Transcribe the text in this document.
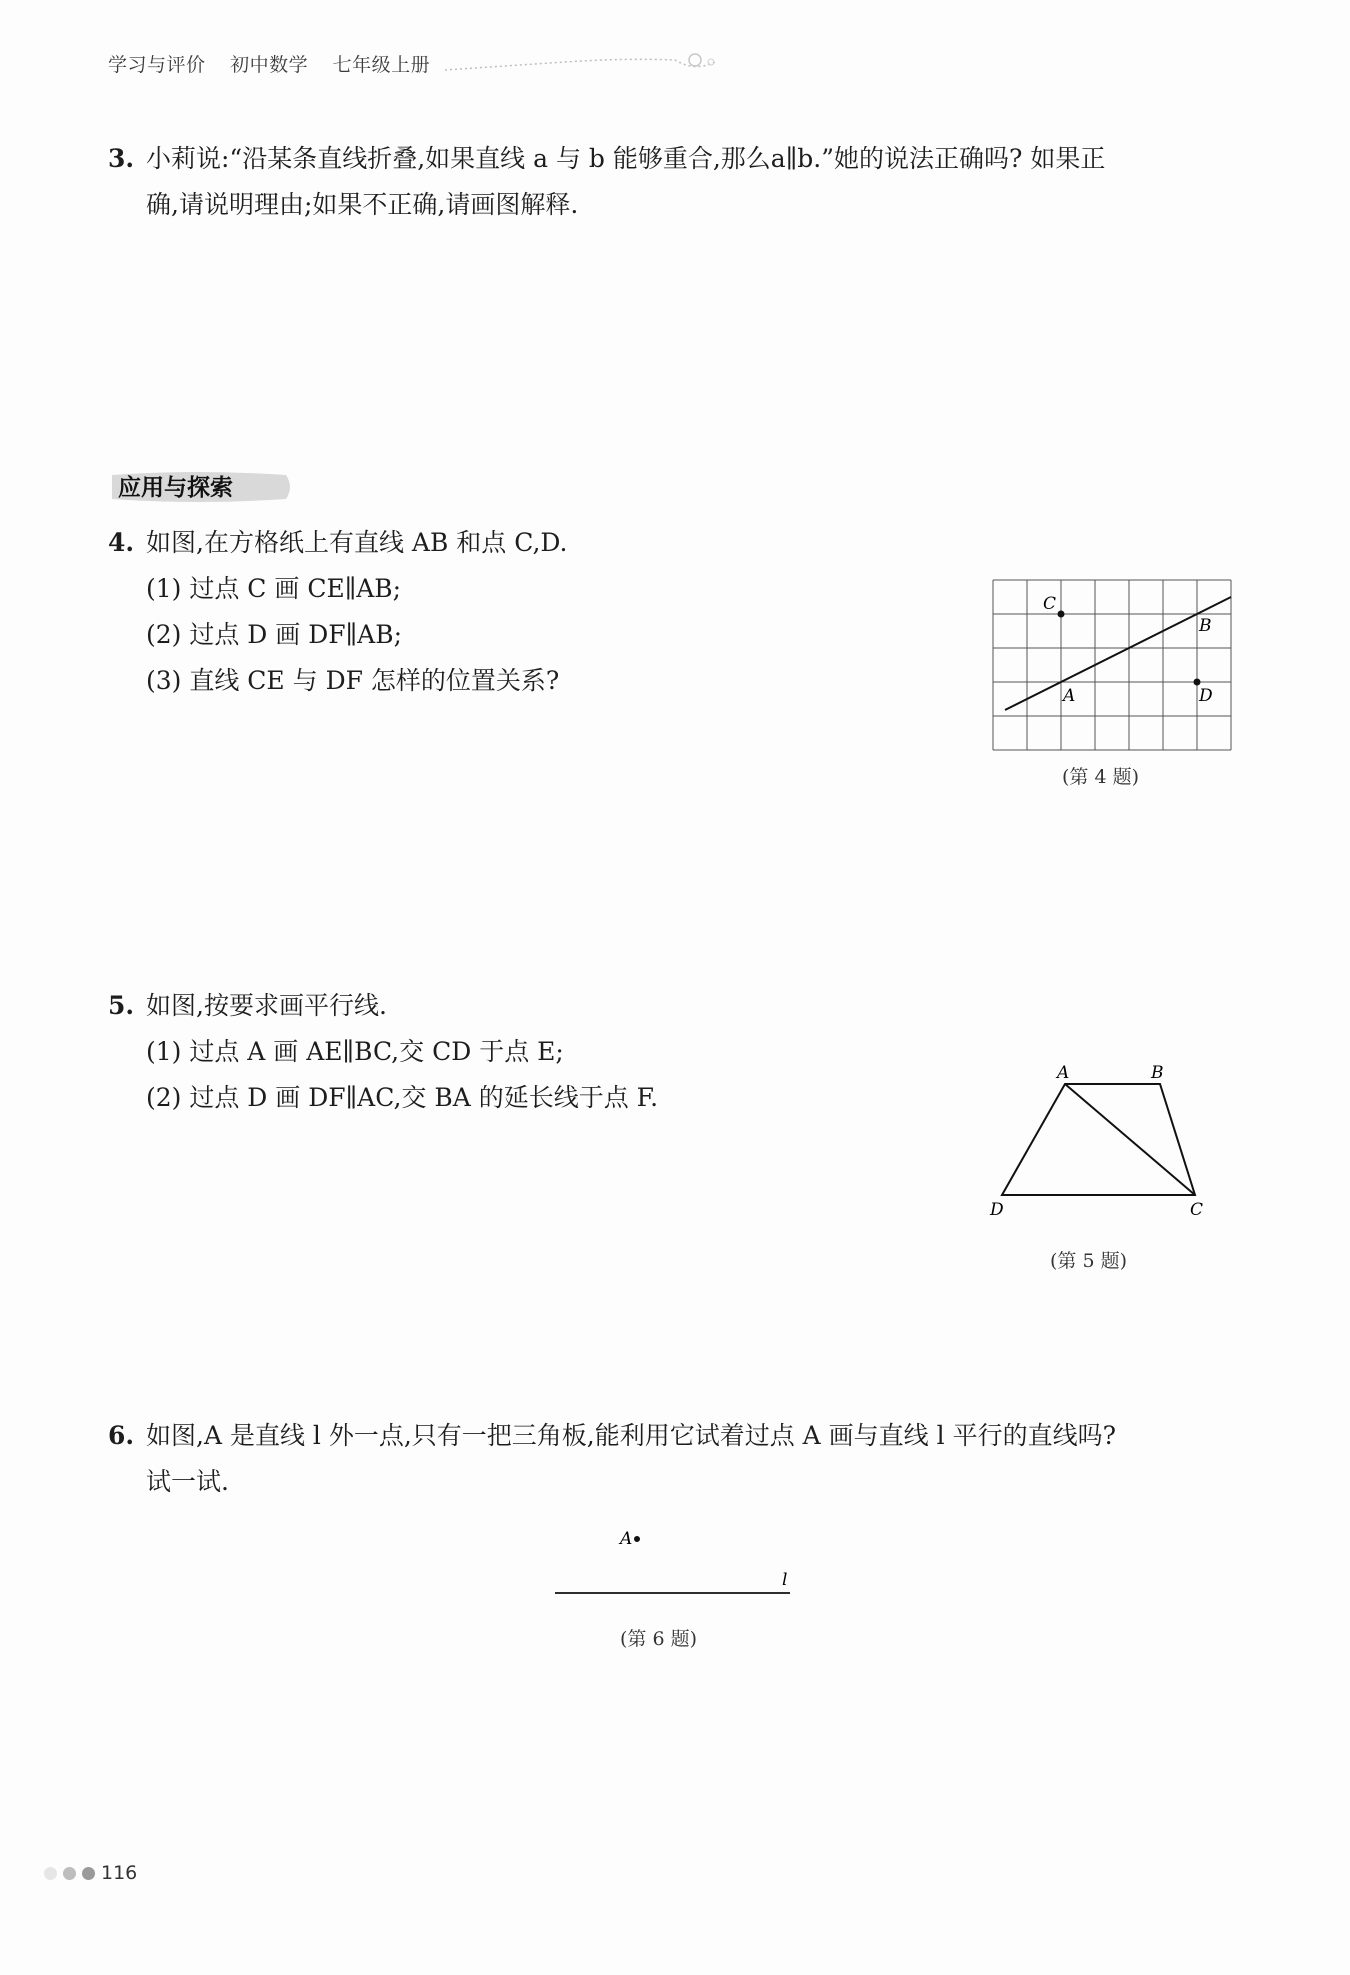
学习与评价 初中数学 七年级上册
3. 小莉说:“沿某条直线折叠,如果直线 a 与 b 能够重合,那么a∥b.”她的说法正确吗? 如果正
确,请说明理由;如果不正确,请画图解释.
应用与探索
4. 如图,在方格纸上有直线 AB 和点 C,D.
(1) 过点 C 画 CE∥AB;
(2) 过点 D 画 DF∥AB;
(3) 直线 CE 与 DF 怎样的位置关系?
C
B
A	D
(第 4 题)
5. 如图,按要求画平行线.
(1) 过点 A 画 AE∥BC,交 CD 于点 E;
(2) 过点 D 画 DF∥AC,交 BA 的延长线于点 F.
A	B
C
D
(第 5 题)
6. 如图,A 是直线 l 外一点,只有一把三角板,能利用它试着过点 A 画与直线 l 平行的直线吗?
试一试.
A
l
(第 6 题)
116
